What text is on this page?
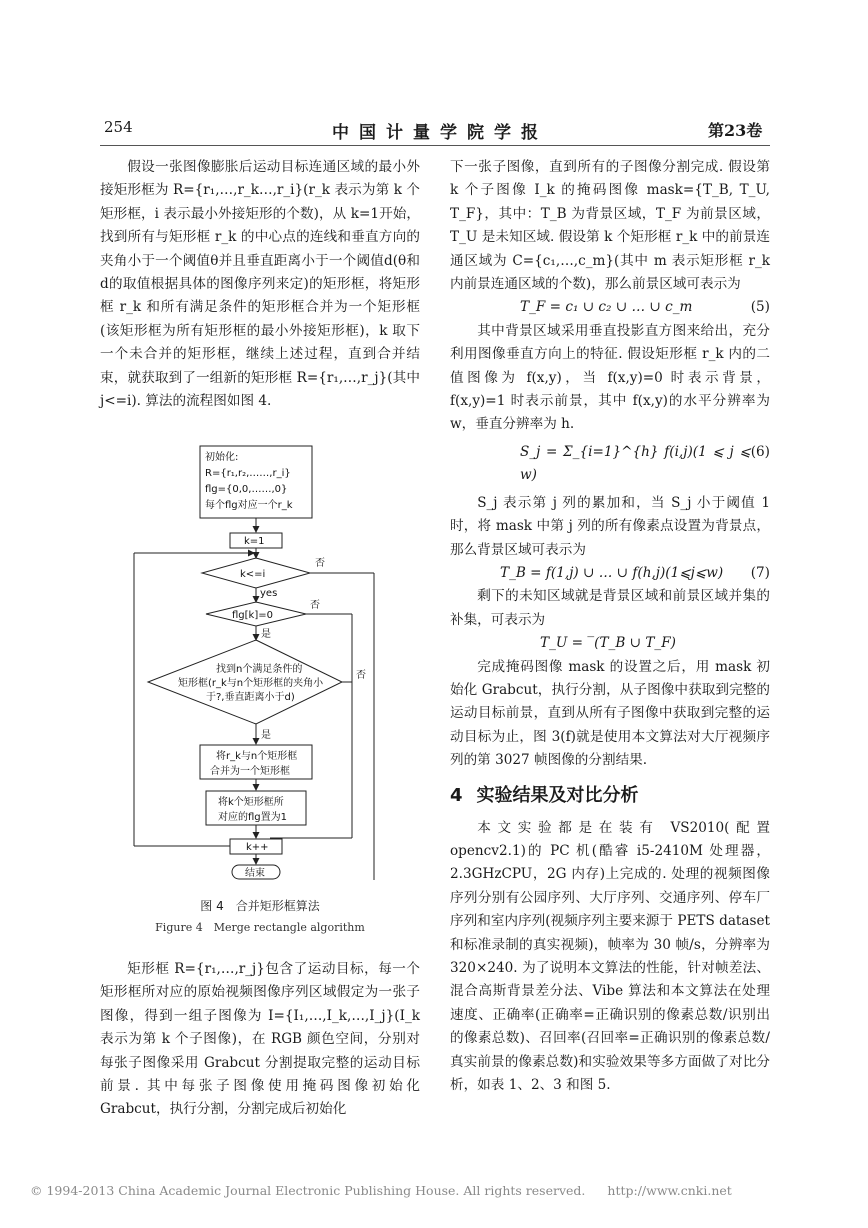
254	中国计量学院学报	第23卷

假设一张图像膨胀后运动目标连通区域的最小外接矩形框为 R={r₁,…,r_k…,r_i}(r_k 表示为第 k 个矩形框，i 表示最小外接矩形的个数)，从 k=1开始，找到所有与矩形框 r_k 的中心点的连线和垂直方向的夹角小于一个阈值θ并且垂直距离小于一个阈值d(θ和d的取值根据具体的图像序列来定)的矩形框，将矩形框 r_k 和所有满足条件的矩形框合并为一个矩形框(该矩形框为所有矩形框的最小外接矩形框)，k 取下一个未合并的矩形框，继续上述过程，直到合并结束，就获取到了一组新的矩形框 R={r₁,…,r_j}(其中 j<=i). 算法的流程图如图 4.

初始化:
R={r₁,r₂,……,r_i}
flg={0,0,……,0}
每个flg对应一个r_k
k=1
k<=i
否
yes
flg[k]=0
否
是
找到n个满足条件的
矩形框(r_k与n个矩形框的夹角小
于?,垂直距离小于d)
否
是
将r_k与n个矩形框
合并为一个矩形框
将k个矩形框所
对应的flg置为1
k++
结束
图 4　合并矩形框算法
Figure 4　Merge rectangle algorithm

矩形框 R={r₁,…,r_j}包含了运动目标，每一个矩形框所对应的原始视频图像序列区域假定为一张子图像，得到一组子图像为 I={I₁,…,I_k,…,I_j}(I_k 表示为第 k 个子图像)，在 RGB 颜色空间，分别对每张子图像采用 Grabcut 分割提取完整的运动目标前景. 其中每张子图像使用掩码图像初始化 Grabcut，执行分割，分割完成后初始化

下一张子图像，直到所有的子图像分割完成. 假设第 k 个子图像 I_k 的掩码图像 mask={T_B, T_U, T_F}，其中：T_B 为背景区域，T_F 为前景区域，T_U 是未知区域. 假设第 k 个矩形框 r_k 中的前景连通区域为 C={c₁,…,c_m}(其中 m 表示矩形框 r_k 内前景连通区域的个数)，那么前景区域可表示为

T_F = c₁ ∪ c₂ ∪ … ∪ c_m	(5)

其中背景区域采用垂直投影直方图来给出，充分利用图像垂直方向上的特征. 假设矩形框 r_k 内的二值图像为 f(x,y)，当 f(x,y)=0 时表示背景，f(x,y)=1 时表示前景，其中 f(x,y)的水平分辨率为 w，垂直分辨率为 h.

S_j = Σ_{i=1}^{h} f(i,j)(1 ⩽ j ⩽ w)
(6)

S_j 表示第 j 列的累加和，当 S_j 小于阈值 1 时，将 mask 中第 j 列的所有像素点设置为背景点，那么背景区域可表示为

T_B = f(1,j) ∪ … ∪ f(h,j)(1⩽j⩽w) (7)

剩下的未知区域就是背景区域和前景区域并集的补集，可表示为

T_U = ‾(T_B ∪ T_F)

完成掩码图像 mask 的设置之后，用 mask 初始化 Grabcut，执行分割，从子图像中获取到完整的运动目标前景，直到从所有子图像中获取到完整的运动目标为止，图 3(f)就是使用本文算法对大厅视频序列的第 3027 帧图像的分割结果.

4 实验结果及对比分析

本文实验都是在装有 VS2010(配置 opencv2.1)的 PC 机(酷睿 i5-2410M 处理器，2.3GHzCPU，2G 内存)上完成的. 处理的视频图像序列分别有公园序列、大厅序列、交通序列、停车厂序列和室内序列(视频序列主要来源于 PETS dataset 和标准录制的真实视频)，帧率为 30 帧/s，分辨率为 320×240. 为了说明本文算法的性能，针对帧差法、混合高斯背景差分法、Vibe 算法和本文算法在处理速度、正确率(正确率=正确识别的像素总数/识别出的像素总数)、召回率(召回率=正确识别的像素总数/真实前景的像素总数)和实验效果等多方面做了对比分析，如表 1、2、3 和图 5.

© 1994-2013 China Academic Journal Electronic Publishing House. All rights reserved. http://www.cnki.net
